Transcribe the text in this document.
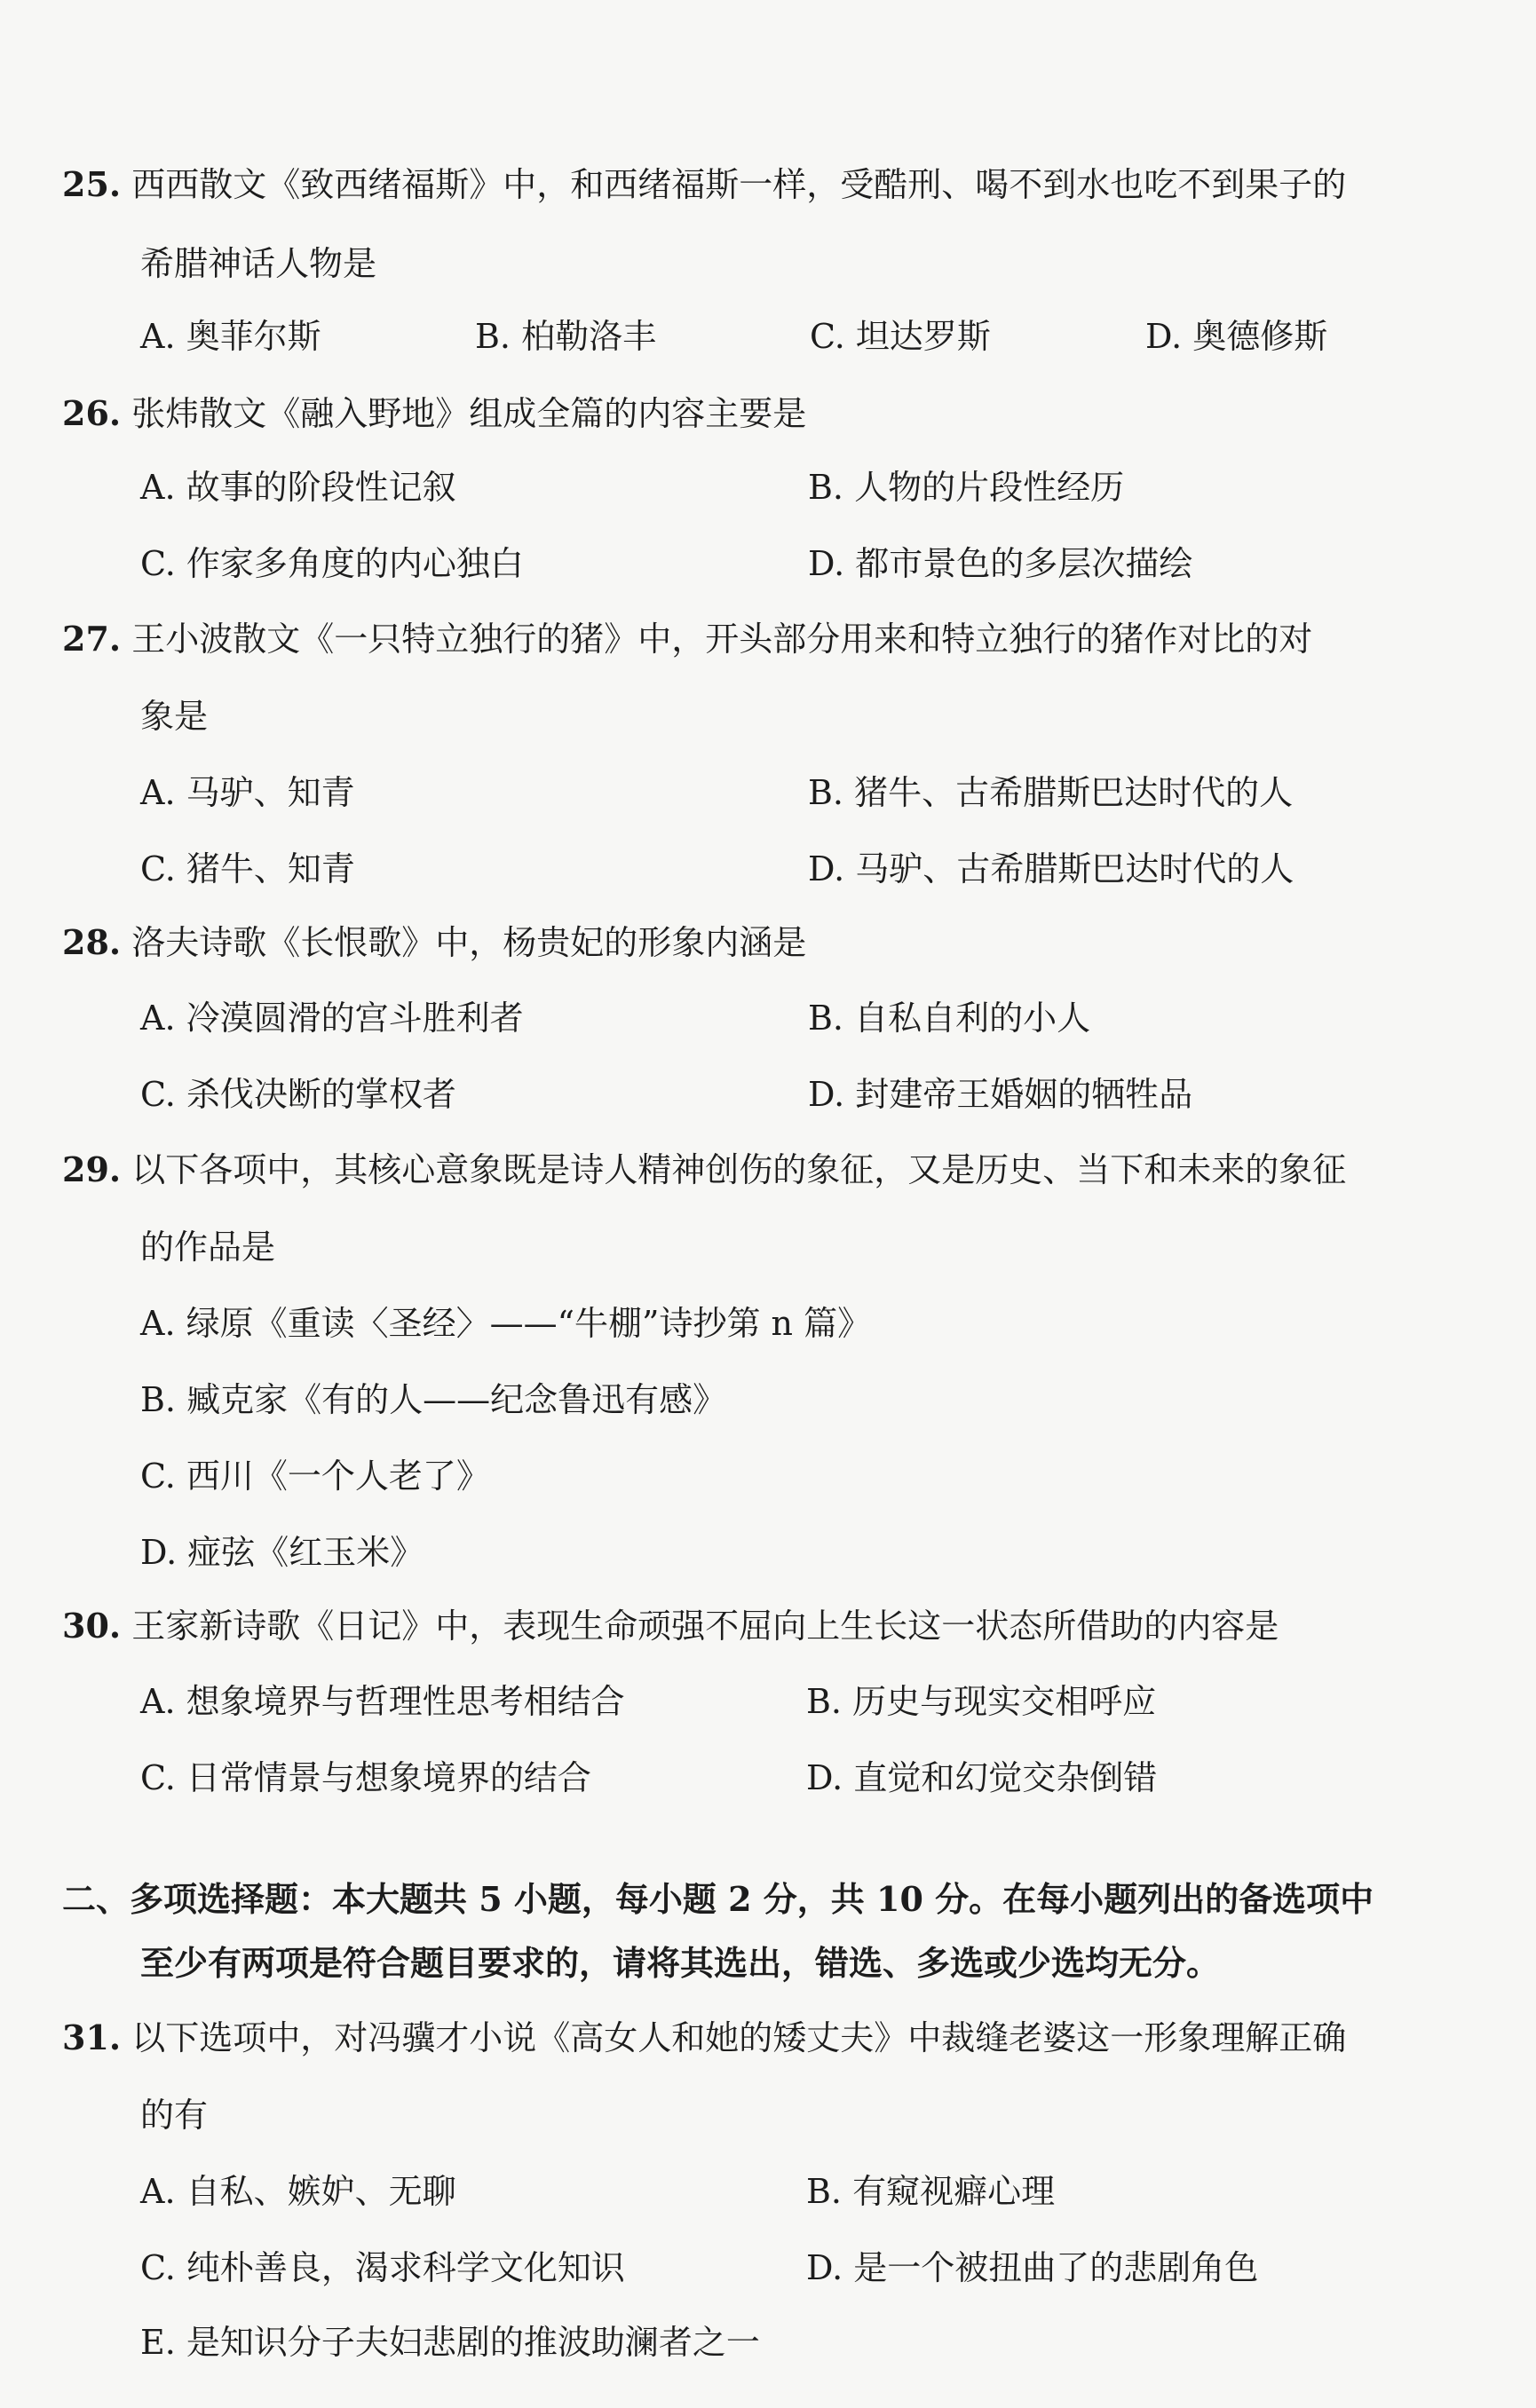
25. 西西散文《致西绪福斯》中，和西绪福斯一样，受酷刑、喝不到水也吃不到果子的
希腊神话人物是
A. 奥菲尔斯	B. 柏勒洛丰	C. 坦达罗斯	D. 奥德修斯
26. 张炜散文《融入野地》组成全篇的内容主要是
A. 故事的阶段性记叙	B. 人物的片段性经历
C. 作家多角度的内心独白	D. 都市景色的多层次描绘
27. 王小波散文《一只特立独行的猪》中，开头部分用来和特立独行的猪作对比的对
象是
A. 马驴、知青	B. 猪牛、古希腊斯巴达时代的人
C. 猪牛、知青	D. 马驴、古希腊斯巴达时代的人
28. 洛夫诗歌《长恨歌》中，杨贵妃的形象内涵是
A. 冷漠圆滑的宫斗胜利者	B. 自私自利的小人
C. 杀伐决断的掌权者	D. 封建帝王婚姻的牺牲品
29. 以下各项中，其核心意象既是诗人精神创伤的象征，又是历史、当下和未来的象征
的作品是
A. 绿原《重读〈圣经〉——“牛棚”诗抄第 n 篇》
B. 臧克家《有的人——纪念鲁迅有感》
C. 西川《一个人老了》
D. 痖弦《红玉米》
30. 王家新诗歌《日记》中，表现生命顽强不屈向上生长这一状态所借助的内容是
A. 想象境界与哲理性思考相结合	B. 历史与现实交相呼应
C. 日常情景与想象境界的结合	D. 直觉和幻觉交杂倒错
二、多项选择题：本大题共 5 小题，每小题 2 分，共 10 分。在每小题列出的备选项中
至少有两项是符合题目要求的，请将其选出，错选、多选或少选均无分。
31. 以下选项中，对冯骥才小说《高女人和她的矮丈夫》中裁缝老婆这一形象理解正确
的有
A. 自私、嫉妒、无聊	B. 有窥视癖心理
C. 纯朴善良，渴求科学文化知识	D. 是一个被扭曲了的悲剧角色
E. 是知识分子夫妇悲剧的推波助澜者之一
